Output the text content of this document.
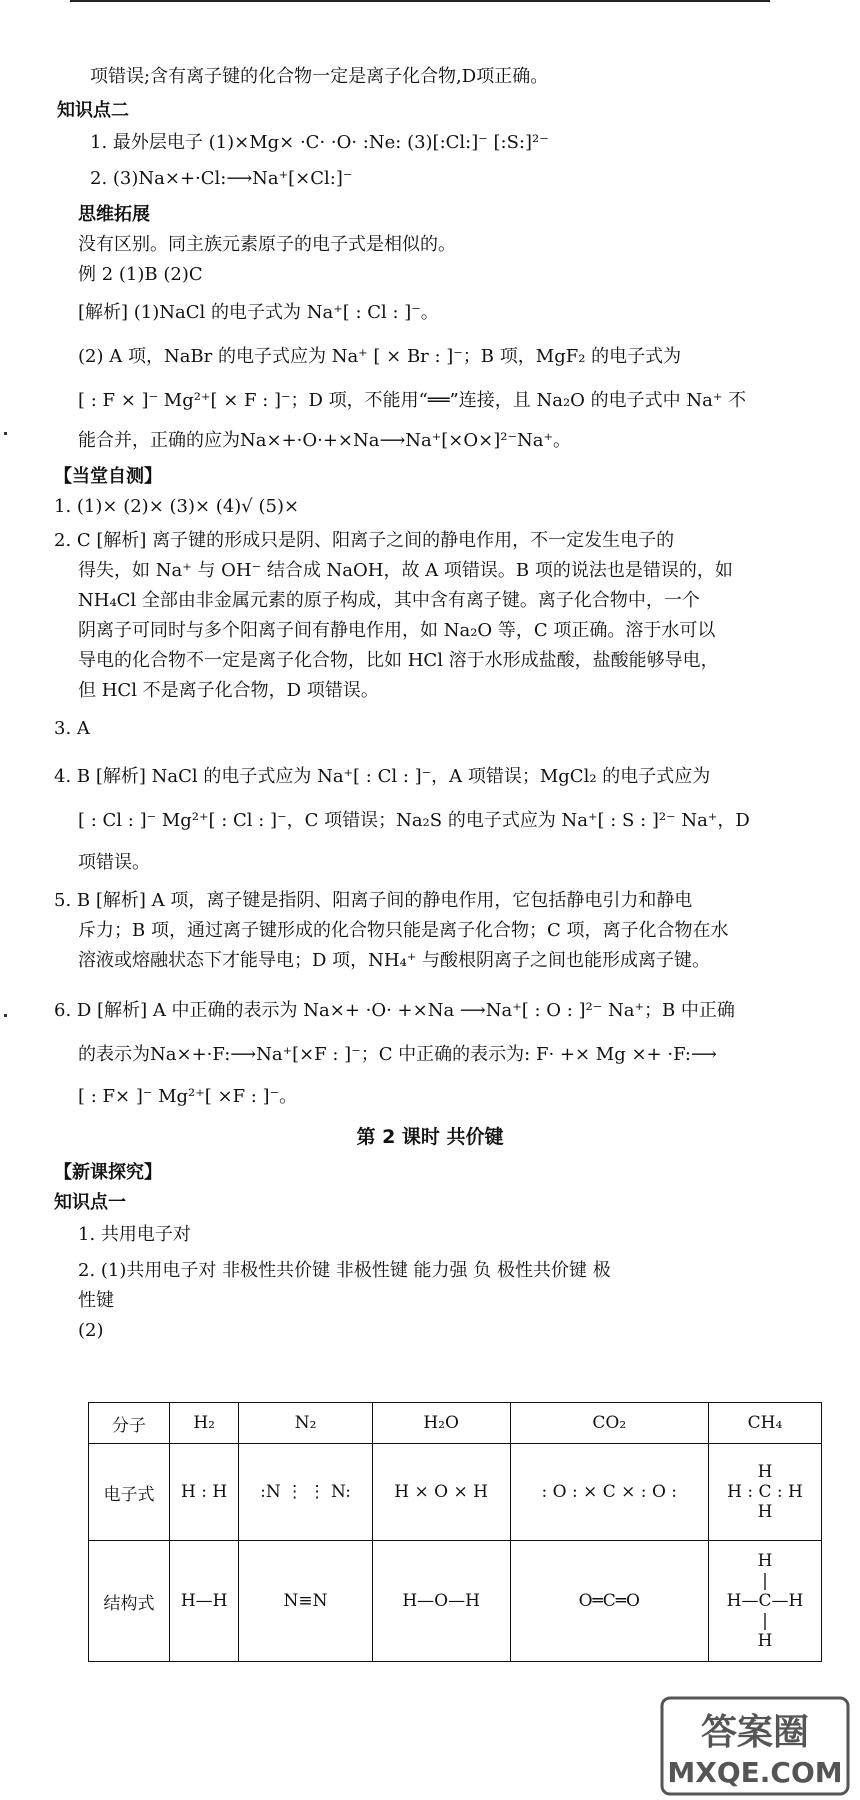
项错误;含有离子键的化合物一定是离子化合物,D项正确。
知识点二
1. 最外层电子 (1)×Mg× ·C· ·O· :Ne: (3)[:Cl:]⁻ [:S:]²⁻
2. (3)Na×+·Cl:⟶Na⁺[×Cl:]⁻
思维拓展
没有区别。同主族元素原子的电子式是相似的。
例 2 (1)B (2)C
[解析] (1)NaCl 的电子式为 Na⁺[ : Cl : ]⁻。
(2) A 项，NaBr 的电子式应为 Na⁺ [ × Br : ]⁻；B 项，MgF₂ 的电子式为
[ : F × ]⁻ Mg²⁺[ × F : ]⁻；D 项，不能用“══”连接，且 Na₂O 的电子式中 Na⁺ 不
能合并，正确的应为Na×+·O·+×Na⟶Na⁺[×O×]²⁻Na⁺。
【当堂自测】
1. (1)× (2)× (3)× (4)√ (5)×
2. C [解析] 离子键的形成只是阴、阳离子之间的静电作用，不一定发生电子的
得失，如 Na⁺ 与 OH⁻ 结合成 NaOH，故 A 项错误。B 项的说法也是错误的，如
NH₄Cl 全部由非金属元素的原子构成，其中含有离子键。离子化合物中，一个
阴离子可同时与多个阳离子间有静电作用，如 Na₂O 等，C 项正确。溶于水可以
导电的化合物不一定是离子化合物，比如 HCl 溶于水形成盐酸，盐酸能够导电，
但 HCl 不是离子化合物，D 项错误。
3. A
4. B [解析] NaCl 的电子式应为 Na⁺[ : Cl : ]⁻，A 项错误；MgCl₂ 的电子式应为
[ : Cl : ]⁻ Mg²⁺[ : Cl : ]⁻，C 项错误；Na₂S 的电子式应为 Na⁺[ : S : ]²⁻ Na⁺，D
项错误。
5. B [解析] A 项，离子键是指阴、阳离子间的静电作用，它包括静电引力和静电
斥力；B 项，通过离子键形成的化合物只能是离子化合物；C 项，离子化合物在水
溶液或熔融状态下才能导电；D 项，NH₄⁺ 与酸根阴离子之间也能形成离子键。
6. D [解析] A 中正确的表示为 Na×+ ·O· +×Na ⟶Na⁺[ : O : ]²⁻ Na⁺；B 中正确
的表示为Na×+·F:⟶Na⁺[×F : ]⁻；C 中正确的表示为: F· +× Mg ×+ ·F:⟶
[ : F× ]⁻ Mg²⁺[ ×F : ]⁻。
第 2 课时 共价键
【新课探究】
知识点一
1. 共用电子对
2. (1)共用电子对 非极性共价键 非极性键 能力强 负 极性共价键 极
性键
(2)
分子	H₂	N₂	H₂O	CO₂	CH₄
电子式	H : H	:N ⋮ ⋮ N:	H × O × H	: O : × C × : O :	H
H : C : H
H

结构式	H—H	N≡N	H—O—H	O═C═O	H
|
H—C—H
|
H
答案圈
MXQE.COM
